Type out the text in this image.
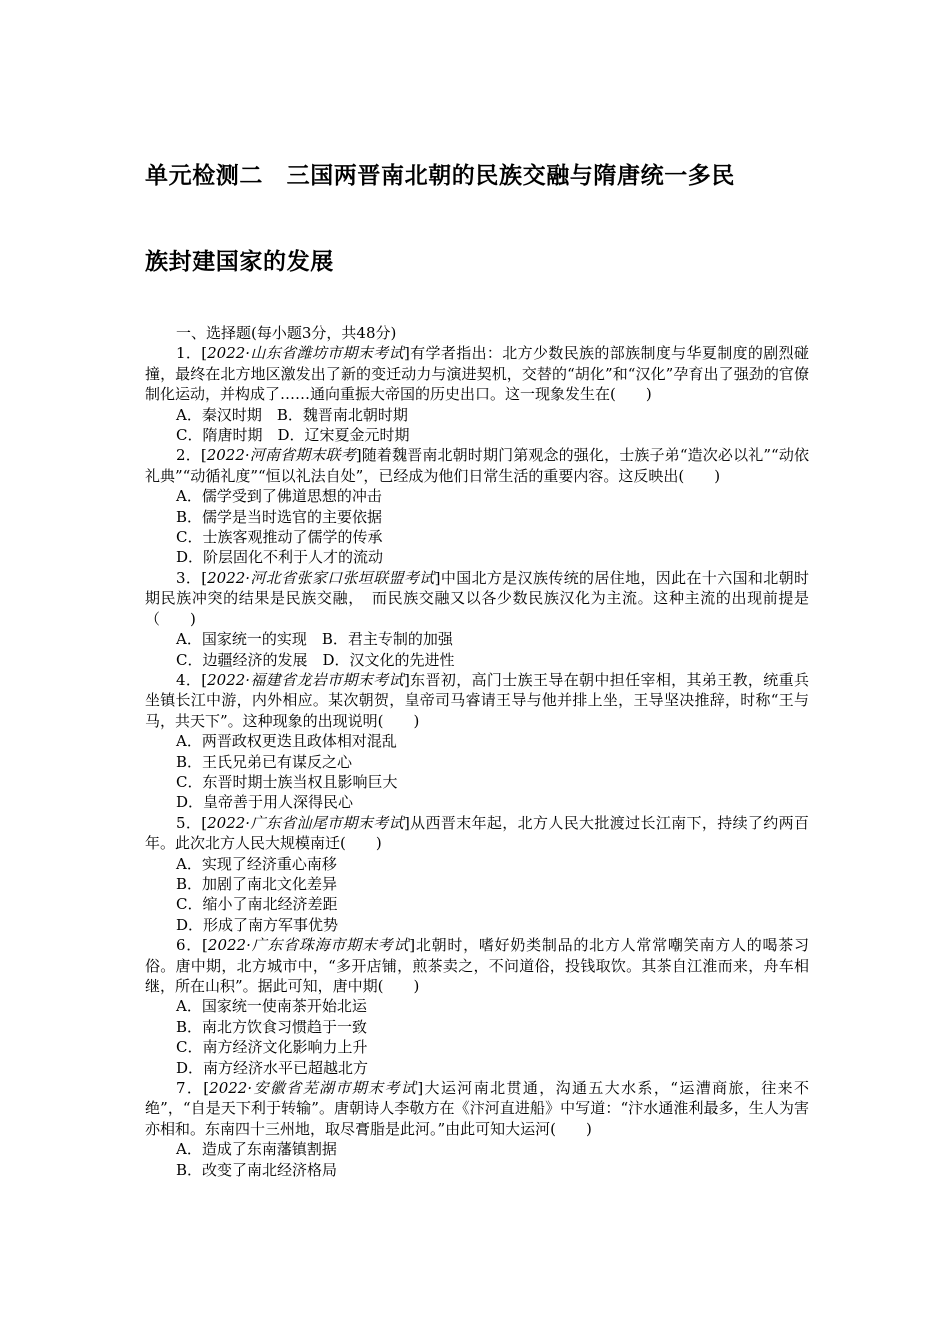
单元检测二　三国两晋南北朝的民族交融与隋唐统一多民
族封建国家的发展

一、选择题(每小题3分，共48分)

1．[2022·山东省潍坊市期末考试]有学者指出：北方少数民族的部族制度与华夏制度的剧烈碰撞，最终在北方地区激发出了新的变迁动力与演进契机，交替的“胡化”和“汉化”孕育出了强劲的官僚制化运动，并构成了……通向重振大帝国的历史出口。这一现象发生在(　　)

A．秦汉时期　B．魏晋南北朝时期

C．隋唐时期　D．辽宋夏金元时期

2．[2022·河南省期末联考]随着魏晋南北朝时期门第观念的强化，士族子弟“造次必以礼”“动依礼典”“动循礼度”“恒以礼法自处”，已经成为他们日常生活的重要内容。这反映出(　　)

A．儒学受到了佛道思想的冲击

B．儒学是当时选官的主要依据

C．士族客观推动了儒学的传承

D．阶层固化不利于人才的流动

3．[2022·河北省张家口张垣联盟考试]中国北方是汉族传统的居住地，因此在十六国和北朝时期民族冲突的结果是民族交融，　而民族交融又以各少数民族汉化为主流。这种主流的出现前提是（　　)

A．国家统一的实现　B．君主专制的加强

C．边疆经济的发展　D．汉文化的先进性

4．[2022·福建省龙岩市期末考试]东晋初，高门士族王导在朝中担任宰相，其弟王教，统重兵坐镇长江中游，内外相应。某次朝贺，皇帝司马睿请王导与他并排上坐，王导坚决推辞，时称“王与马，共天下”。这种现象的出现说明(　　)

A．两晋政权更迭且政体相对混乱

B．王氏兄弟已有谋反之心

C．东晋时期士族当权且影响巨大

D．皇帝善于用人深得民心

5．[2022·广东省汕尾市期末考试]从西晋末年起，北方人民大批渡过长江南下，持续了约两百年。此次北方人民大规模南迁(　　)

A．实现了经济重心南移

B．加剧了南北文化差异

C．缩小了南北经济差距

D．形成了南方军事优势

6．[2022·广东省珠海市期末考试]北朝时，嗜好奶类制品的北方人常常嘲笑南方人的喝茶习俗。唐中期，北方城市中，“多开店铺，煎茶卖之，不问道俗，投钱取饮。其茶自江淮而来，舟车相继，所在山积”。据此可知，唐中期(　　)

A．国家统一使南茶开始北运

B．南北方饮食习惯趋于一致

C．南方经济文化影响力上升

D．南方经济水平已超越北方

7．[2022·安徽省芜湖市期末考试]大运河南北贯通，沟通五大水系，“运漕商旅，往来不绝”，“自是天下利于转输”。唐朝诗人李敬方在《汴河直进船》中写道：“汴水通淮利最多，生人为害亦相和。东南四十三州地，取尽膏脂是此河。”由此可知大运河(　　)

A．造成了东南藩镇割据

B．改变了南北经济格局
